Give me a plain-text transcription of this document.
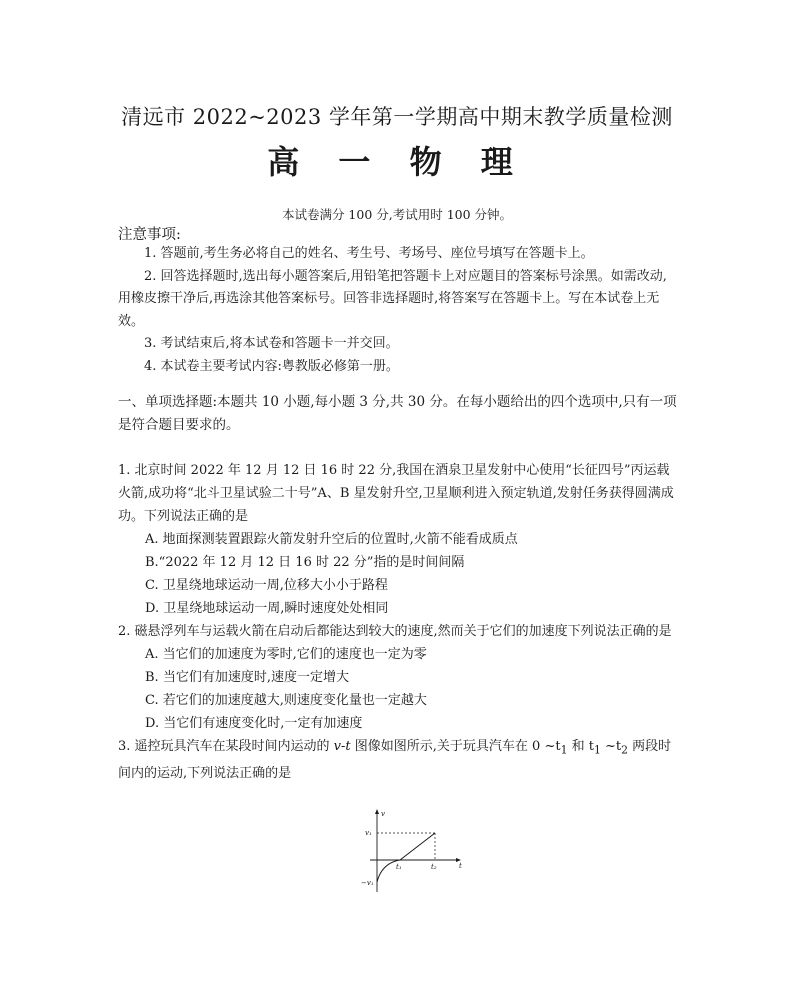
清远市 2022~2023 学年第一学期高中期末教学质量检测
高 一 物 理
本试卷满分 100 分,考试用时 100 分钟。
注意事项:

1. 答题前,考生务必将自己的姓名、考生号、考场号、座位号填写在答题卡上。

2. 回答选择题时,选出每小题答案后,用铅笔把答题卡上对应题目的答案标号涂黑。如需改动,用橡皮擦干净后,再选涂其他答案标号。回答非选择题时,将答案写在答题卡上。写在本试卷上无效。

3. 考试结束后,将本试卷和答题卡一并交回。

4. 本试卷主要考试内容:粤教版必修第一册。

一、单项选择题:本题共 10 小题,每小题 3 分,共 30 分。在每小题给出的四个选项中,只有一项是符合题目要求的。

1. 北京时间 2022 年 12 月 12 日 16 时 22 分,我国在酒泉卫星发射中心使用“长征四号”丙运载火箭,成功将“北斗卫星试验二十号”A、B 星发射升空,卫星顺利进入预定轨道,发射任务获得圆满成功。下列说法正确的是

A. 地面探测装置跟踪火箭发射升空后的位置时,火箭不能看成质点

B.“2022 年 12 月 12 日 16 时 22 分”指的是时间间隔

C. 卫星绕地球运动一周,位移大小小于路程

D. 卫星绕地球运动一周,瞬时速度处处相同

2. 磁悬浮列车与运载火箭在启动后都能达到较大的速度,然而关于它们的加速度下列说法正确的是

A. 当它们的加速度为零时,它们的速度也一定为零

B. 当它们有加速度时,速度一定增大

C. 若它们的加速度越大,则速度变化量也一定越大

D. 当它们有速度变化时,一定有加速度

3. 遥控玩具汽车在某段时间内运动的 v-t 图像如图所示,关于玩具汽车在 0 $\sim t_1$ 和 $t_1$ $\sim t_2$ 两段时间内的运动,下列说法正确的是

v
t
v₁
−v₁
t₁	t₂
